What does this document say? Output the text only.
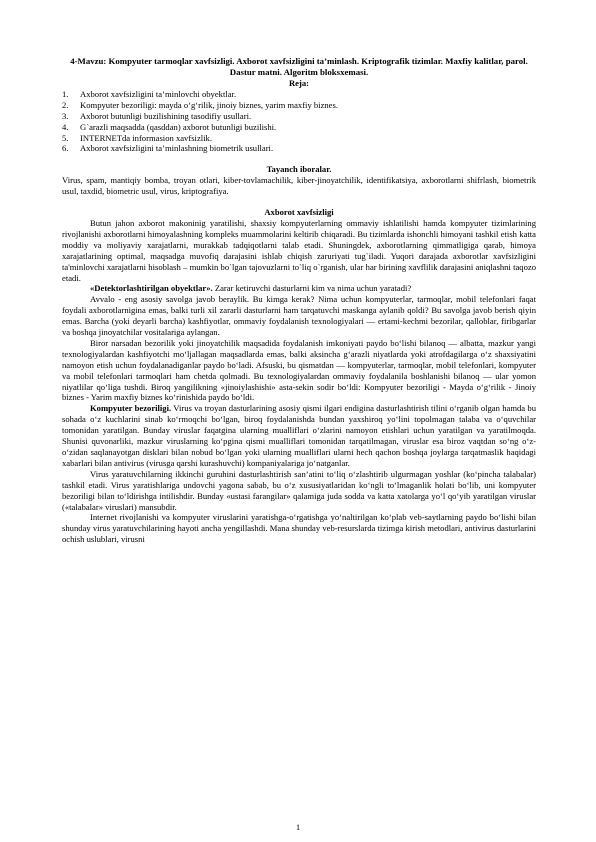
4-Mavzu: Kompyuter tarmoqlar xavfsizligi. Axborot xavfsizligini ta’minlash. Kriptografik tizimlar. Maxfiy kalitlar, parol. Dastur matni. Algoritm bloksxemasi.
Reja:
1.	Axborot xavfsizligini ta’minlovchi obyektlar.
2.	Kompyuter bezoriligi: mayda o‘g‘rilik, jinoiy biznes, yarim maxfiy biznes.
3.	Axborot butunligi buzilishining tasodifiy usullari.
4.	G`arazli maqsadda (qasddan) axborot butunligi buzilishi.
5.	INTERNETda informasion xavfsizlik.
6.	Axborot xavfsizligini ta’minlashning biometrik usullari.
Tayanch iboralar.

Virus, spam, mantiqiy bomba, troyan otlari, kiber-tovlamachilik, kiber-jinoyatchilik, identifikatsiya, axborotlarni shifrlash, biometrik usul, taxdid, biometric usul, virus, kriptografiya.

Axborot xavfsizligi

Butun jahon axborot makoninig yaratilishi, shaxsiy kompyuterlarning ommaviy ishlatilishi hamda kompyuter tizimlarining rivojlanishi axborotlarni himoyalashning kompleks muammolarini keltirib chiqaradi. Bu tizimlarda ishonchli himoyani tashkil etish katta moddiy va moliyaviy xarajatlarni, murakkab tadqiqotlarni talab etadi. Shuningdek, axborotlarning qimmatligiga qarab, himoya xarajatlarining optimal, maqsadga muvofiq darajasini ishlab chiqish zaruriyati tug`iladi. Yuqori darajada axborotlar xavfsizligini ta'minlovchi xarajatlarni hisoblash – mumkin bo`lgan tajovuzlarni to`liq o`rganish, ular har birining xavflilik darajasini aniqlashni taqozo etadi.

«Detektorlashtirilgan obyektlar». Zarar ketiruvchi dasturlarni kim va nima uchun yaratadi?

Avvalo - eng asosiy savolga javob beraylik. Bu kimga kerak? Nima uchun kompyuterlar, tarmoqlar, mobil telefonlari faqat foydali axborotlarnigina emas, balki turli xil zararli dasturlarni ham tarqatuvchi maskanga aylanib qoldi? Bu savolga javob berish qiyin emas. Barcha (yoki deyarli barcha) kashfiyotlar, ommaviy foydalanish texnologiyalari — ertami-kechmi bezorilar, qalloblar, firibgarlar va boshqa jinoyatchilar vositalariga aylangan.

Biror narsadan bezorilik yoki jinoyatchilik maqsadida foydalanish imkoniyati paydo bo‘lishi bilanoq — albatta, mazkur yangi texnologiyalardan kashfiyotchi mo‘ljallagan maqsadlarda emas, balki aksincha g‘arazli niyatlarda yoki atrofdagilarga o‘z shaxsiyatini namoyon etish uchun foydalanadiganlar paydo bo‘ladi. Afsuski, bu qismatdan — kompyuterlar, tarmoqlar, mobil telefonlari, kompyuter va mobil telefonlari tarmoqlari ham chetda qolmadi. Bu texnologiyalardan ommaviy foydalanila boshlanishi bilanoq — ular yomon niyatlilar qo‘liga tushdi. Biroq yangilikning «jinoiylashishi» asta-sekin sodir bo‘ldi: Kompyuter bezoriligi - Mayda o‘g‘rilik - Jinoiy biznes - Yarim maxfiy biznes ko‘rinishida paydo bo‘ldi.

Kompyuter bezoriligi. Virus va troyan dasturlarining asosiy qismi ilgari endigina dasturlashtirish tilini o‘rganib olgan hamda bu sohada o‘z kuchlarini sinab ko‘rmoqchi bo‘lgan, biroq foydalanishda bundan yaxshiroq yo‘lini topolmagan talaba va o‘quvchilar tomonidan yaratilgan. Bunday viruslar faqatgina ularning mualliflari o‘zlarini namoyon etishlari uchun yaratilgan va yaratilmoqda. Shunisi quvonarliki, mazkur viruslarning ko‘pgina qismi mualliflari tomonidan tarqatilmagan, viruslar esa biroz vaqtdan so‘ng o‘z-o‘zidan saqlanayotgan disklari bilan nobud bo‘lgan yoki ularning mualliflari ularni hech qachon boshqa joylarga tarqatmaslik haqidagi xabarlari bilan antivirus (virusga qarshi kurashuvchi) kompaniyalariga jo‘natganlar.

Virus yaratuvchilarning ikkinchi guruhini dasturlashtirish san’atini to‘liq o‘zlashtirib ulgurmagan yoshlar (ko‘pincha talabalar) tashkil etadi. Virus yaratishlariga undovchi yagona sabab, bu o‘z xususiyatlaridan ko‘ngli to‘lmaganlik holati bo‘lib, uni kompyuter bezoriligi bilan to‘ldirishga intilishdir. Bunday «ustasi farangilar» qalamiga juda sodda va katta xatolarga yo‘l qo‘yib yaratilgan viruslar («talabalar» viruslari) mansubdir.

Internet rivojlanishi va kompyuter viruslarini yaratishga-o‘rgatishga yo‘naltirilgan ko‘plab veb-saytlarning paydo bo‘lishi bilan shunday virus yaratuvchilarining hayoti ancha yengillashdi. Mana shunday veb-resurslarda tizimga kirish metodlari, antivirus dasturlarini ochish uslublari, virusni

1
